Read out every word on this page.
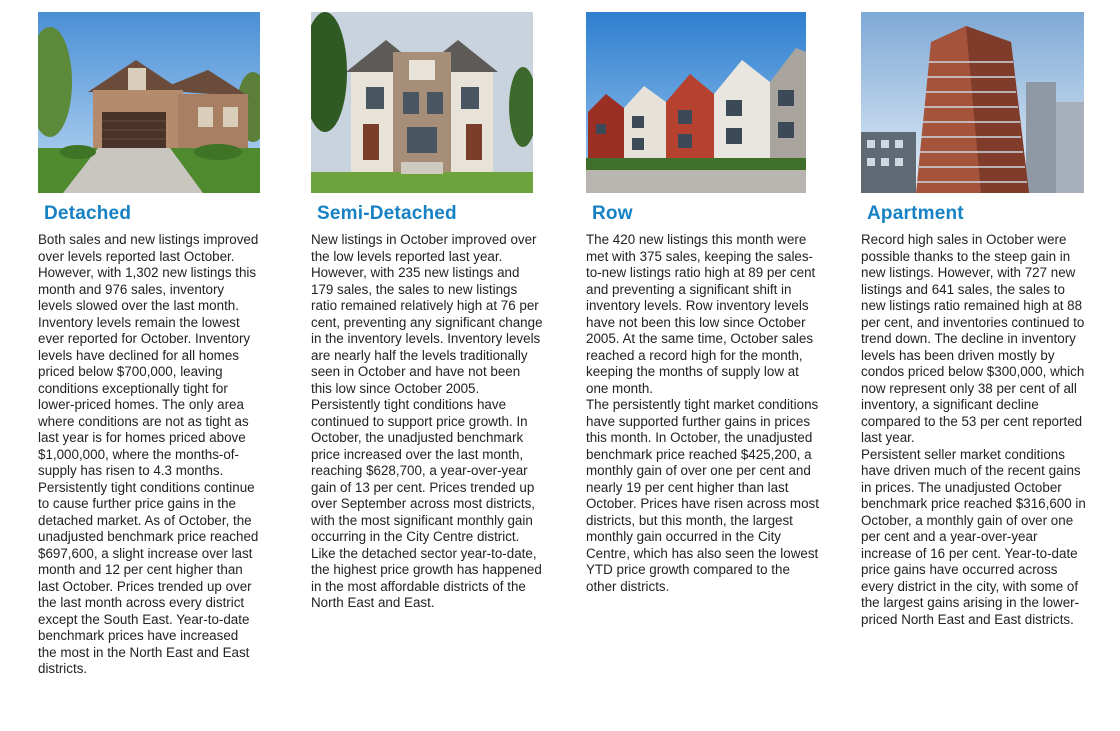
Detached

Both sales and new listings improved over levels reported last October. However, with 1,302 new listings this month and 976 sales, inventory levels slowed over the last month. Inventory levels remain the lowest ever reported for October. Inventory levels have declined for all homes priced below $700,000, leaving conditions exceptionally tight for lower-priced homes. The only area where conditions are not as tight as last year is for homes priced above $1,000,000, where the months-of-supply has risen to 4.3 months.

Persistently tight conditions continue to cause further price gains in the detached market. As of October, the unadjusted benchmark price reached $697,600, a slight increase over last month and 12 per cent higher than last October. Prices trended up over the last month across every district except the South East. Year-to-date benchmark prices have increased the most in the North East and East districts.

Semi-Detached

New listings in October improved over the low levels reported last year. However, with 235 new listings and 179 sales, the sales to new listings ratio remained relatively high at 76 per cent, preventing any significant change in the inventory levels. Inventory levels are nearly half the levels traditionally seen in October and have not been this low since October 2005.

Persistently tight conditions have continued to support price growth. In October, the unadjusted benchmark price increased over the last month, reaching $628,700, a year-over-year gain of 13 per cent. Prices trended up over September across most districts, with the most significant monthly gain occurring in the City Centre district. Like the detached sector year-to-date, the highest price growth has happened in the most affordable districts of the North East and East.

Row

The 420 new listings this month were met with 375 sales, keeping the sales-to-new listings ratio high at 89 per cent and preventing a significant shift in inventory levels. Row inventory levels have not been this low since October 2005. At the same time, October sales reached a record high for the month, keeping the months of supply low at one month.

The persistently tight market conditions have supported further gains in prices this month. In October, the unadjusted benchmark price reached $425,200, a monthly gain of over one per cent and nearly 19 per cent higher than last October. Prices have risen across most districts, but this month, the largest monthly gain occurred in the City Centre, which has also seen the lowest YTD price growth compared to the other districts.

Apartment

Record high sales in October were possible thanks to the steep gain in new listings. However, with 727 new listings and 641 sales, the sales to new listings ratio remained high at 88 per cent, and inventories continued to trend down. The decline in inventory levels has been driven mostly by condos priced below $300,000, which now represent only 38 per cent of all inventory, a significant decline compared to the 53 per cent reported last year.

Persistent seller market conditions have driven much of the recent gains in prices. The unadjusted October benchmark price reached $316,600 in October, a monthly gain of over one per cent and a year-over-year increase of 16 per cent. Year-to-date price gains have occurred across every district in the city, with some of the largest gains arising in the lower-priced North East and East districts.
